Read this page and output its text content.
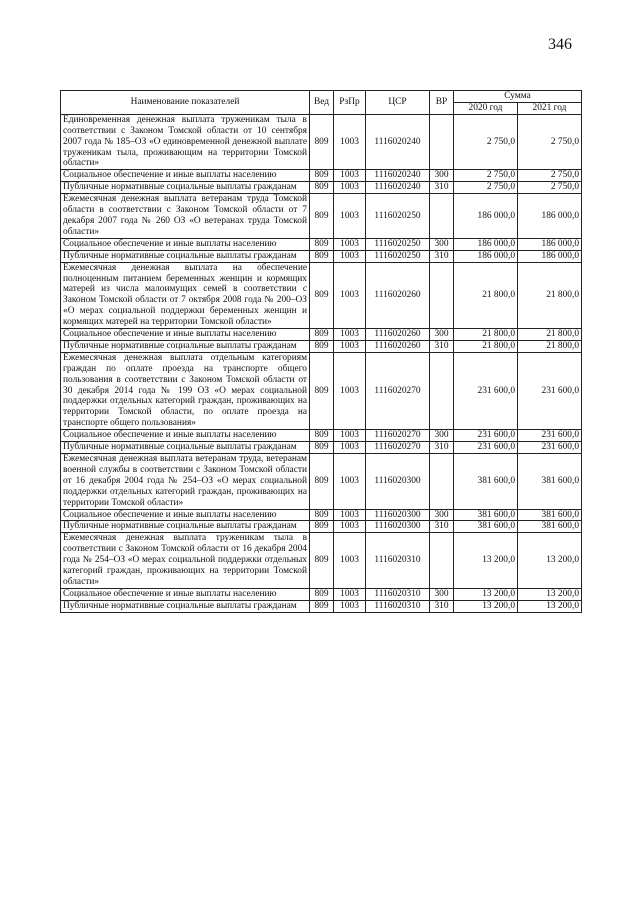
346
Наименование показателей	Вед	РзПр	ЦСР	ВР	Сумма	
					2020 год	2021 год
Единовременная денежная выплата труженикам тыла в соответствии с Законом Томской области от 10 сентября 2007 года № 185–ОЗ «О единовременной денежной выплате труженикам тыла, проживающим на территории Томской области»	809	1003	1116020240		2 750,0	2 750,0
Социальное обеспечение и иные выплаты населению	809	1003	1116020240	300	2 750,0	2 750,0
Публичные нормативные социальные выплаты гражданам	809	1003	1116020240	310	2 750,0	2 750,0
Ежемесячная денежная выплата ветеранам труда Томской области в соответствии с Законом Томской области от 7 декабря 2007 года № 260 ОЗ «О ветеранах труда Томской области»	809	1003	1116020250		186 000,0	186 000,0
Социальное обеспечение и иные выплаты населению	809	1003	1116020250	300	186 000,0	186 000,0
Публичные нормативные социальные выплаты гражданам	809	1003	1116020250	310	186 000,0	186 000,0
Ежемесячная денежная выплата на обеспечение полноценным питанием беременных женщин и кормящих матерей из числа малоимущих семей в соответствии с Законом Томской области от 7 октября 2008 года № 200–ОЗ «О мерах социальной поддержки беременных женщин и кормящих матерей на территории Томской области»	809	1003	1116020260		21 800,0	21 800,0
Социальное обеспечение и иные выплаты населению	809	1003	1116020260	300	21 800,0	21 800,0
Публичные нормативные социальные выплаты гражданам	809	1003	1116020260	310	21 800,0	21 800,0
Ежемесячная денежная выплата отдельным категориям граждан по оплате проезда на транспорте общего пользования в соответствии с Законом Томской области от 30 декабря 2014 года № 199 ОЗ «О мерах социальной поддержки отдельных категорий граждан, проживающих на территории Томской области, по оплате проезда на транспорте общего пользования»	809	1003	1116020270		231 600,0	231 600,0
Социальное обеспечение и иные выплаты населению	809	1003	1116020270	300	231 600,0	231 600,0
Публичные нормативные социальные выплаты гражданам	809	1003	1116020270	310	231 600,0	231 600,0
Ежемесячная денежная выплата ветеранам труда, ветеранам военной службы в соответствии с Законом Томской области от 16 декабря 2004 года № 254–ОЗ «О мерах социальной поддержки отдельных категорий граждан, проживающих на территории Томской области»	809	1003	1116020300		381 600,0	381 600,0
Социальное обеспечение и иные выплаты населению	809	1003	1116020300	300	381 600,0	381 600,0
Публичные нормативные социальные выплаты гражданам	809	1003	1116020300	310	381 600,0	381 600,0
Ежемесячная денежная выплата труженикам тыла в соответствии с Законом Томской области от 16 декабря 2004 года № 254–ОЗ «О мерах социальной поддержки отдельных категорий граждан, проживающих на территории Томской области»	809	1003	1116020310		13 200,0	13 200,0
Социальное обеспечение и иные выплаты населению	809	1003	1116020310	300	13 200,0	13 200,0
Публичные нормативные социальные выплаты гражданам	809	1003	1116020310	310	13 200,0	13 200,0
